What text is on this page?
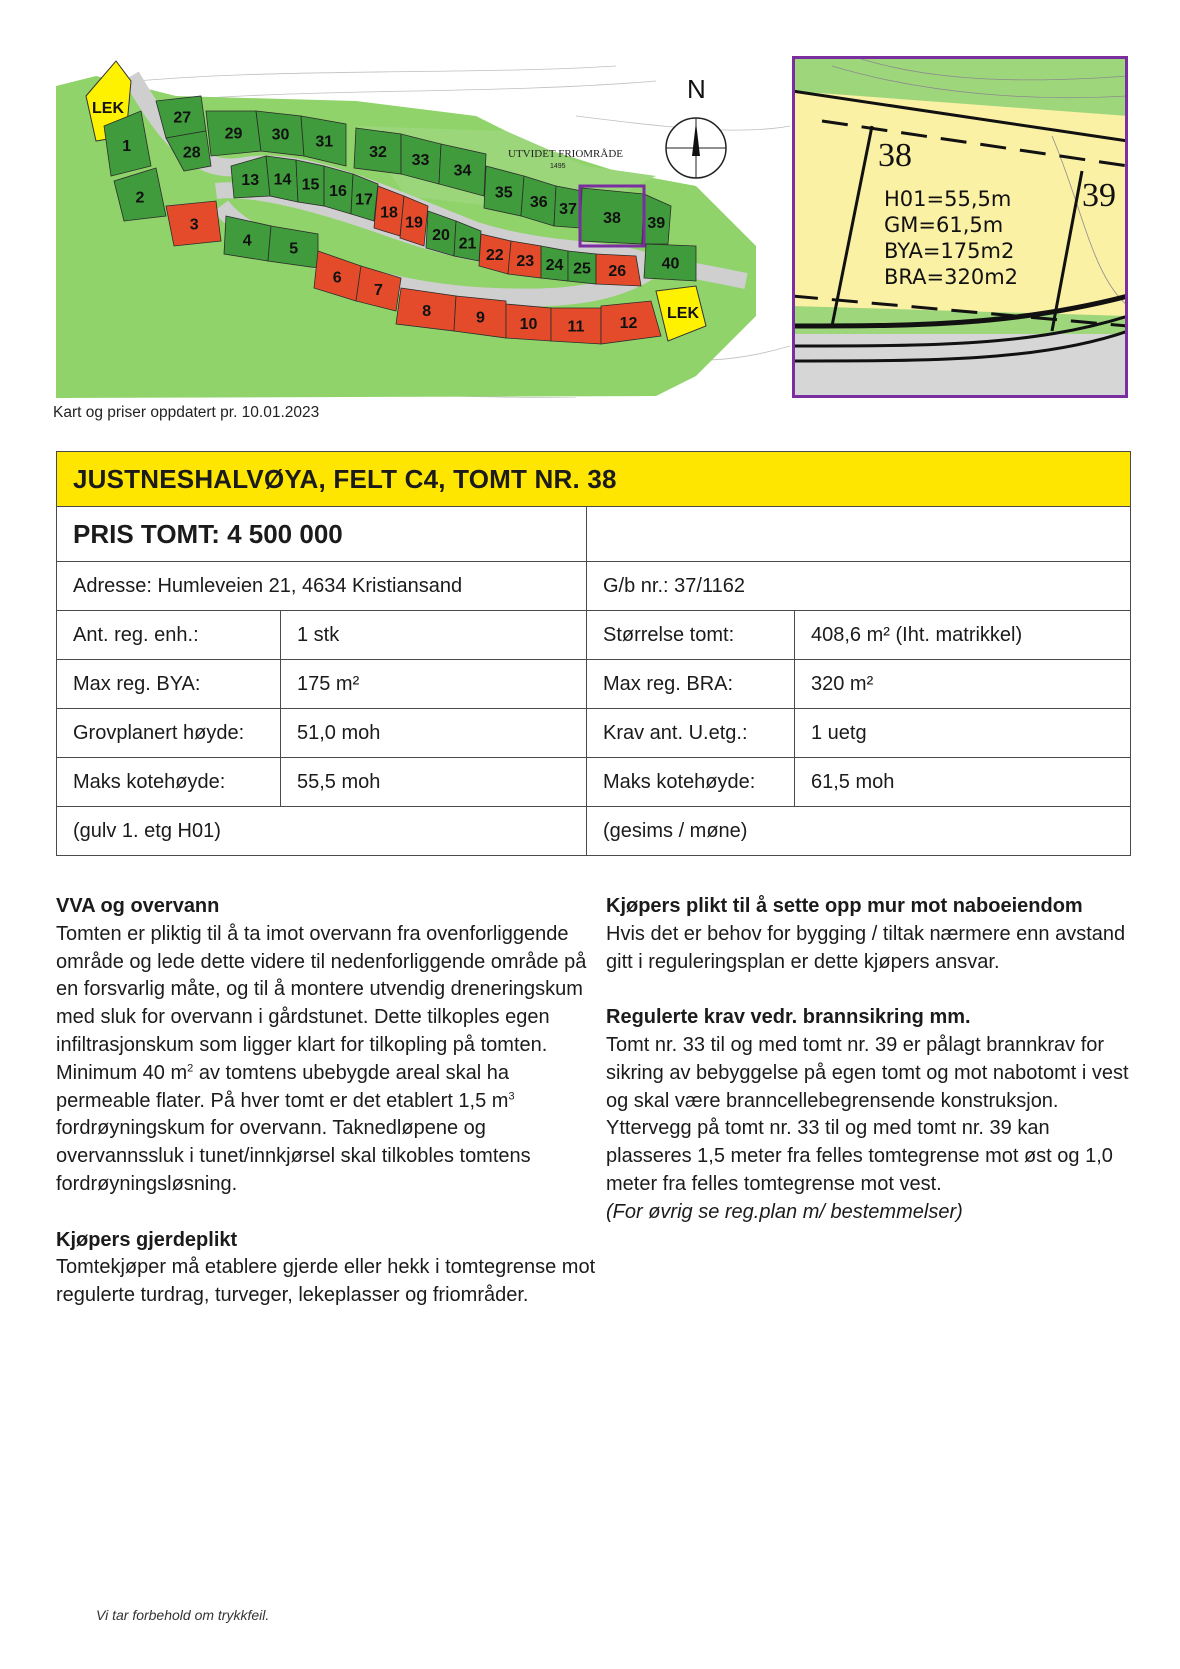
LEK
LEK
UTVIDET FRIOMRÅDE
1495
1
2
4 5
13 14 15 16 17
20 21
24 25
27
28
29 30 31
32 33
34
35
36 37
38 39
40
3
6
7
8	9 10 11 12
18
19
22 23
26
N
38
39
H01=55,5m
GM=61,5m
BYA=175m2
BRA=320m2
Kart og priser oppdatert pr. 10.01.2023
JUSTNESHALVØYA, FELT C4, TOMT NR. 38			
PRIS TOMT: 4 500 000			
Adresse: Humleveien 21, 4634 Kristiansand		G/b nr.: 37/1162	
Ant. reg. enh.:	1 stk	Størrelse tomt:	408,6 m² (Iht. matrikkel)
Max reg. BYA:	175 m²	Max reg. BRA:	320 m²
Grovplanert høyde:	51,0 moh	Krav ant. U.etg.:	1 uetg
Maks kotehøyde:	55,5 moh	Maks kotehøyde:	61,5 moh
(gulv 1. etg H01)		(gesims / møne)	
VVA og overvann

Tomten er pliktig til å ta imot overvann fra ovenforliggende område og lede dette videre til nedenforliggende område på en forsvarlig måte, og til å montere utvendig dreneringskum med sluk for overvann i gårdstunet. Dette tilkoples egen infiltrasjonskum som ligger klart for tilkopling på tomten. Minimum 40 $m^2$ av tomtens ubebygde areal skal ha permeable flater. På hver tomt er det etablert 1,5 $m^3$ fordrøyningskum for overvann. Taknedløpene og overvannssluk i tunet/innkjørsel skal tilkobles tomtens fordrøyningsløsning.

Kjøpers gjerdeplikt

Tomtekjøper må etablere gjerde eller hekk i tomtegrense mot regulerte turdrag, turveger, lekeplasser og friområder.

Kjøpers plikt til å sette opp mur mot naboeiendom

Hvis det er behov for bygging / tiltak nærmere enn avstand gitt i reguleringsplan er dette kjøpers ansvar.

Regulerte krav vedr. brannsikring mm.

Tomt nr. 33 til og med tomt nr. 39 er pålagt brannkrav for sikring av bebyggelse på egen tomt og mot nabotomt i vest og skal være branncellebegrensende konstruksjon. Yttervegg på tomt nr. 33 til og med tomt nr. 39 kan plasseres 1,5 meter fra felles tomtegrense mot øst og 1,0 meter fra felles tomtegrense mot vest.

(For øvrig se reg.plan m/ bestemmelser)

Vi tar forbehold om trykkfeil.
